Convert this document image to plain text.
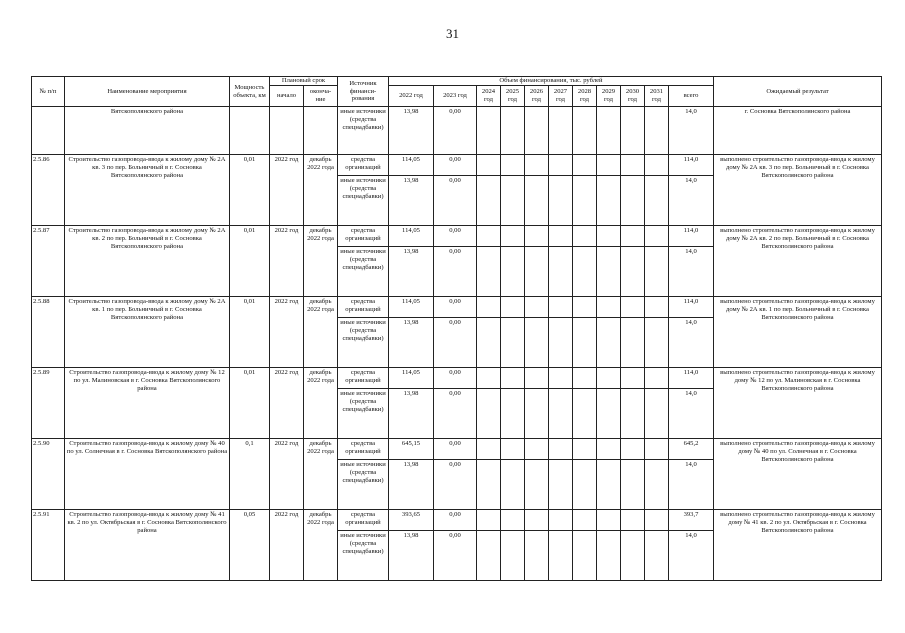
31
№ п/п	Наименование мероприятия	Мощность объекта, км	Плановый срок		Источник финанси-рования	Объем финансирования, тыс. рублей											Ожидаемый результат
			начало	оконча-ние		2022 год	2023 год	2024 год	2025 год	2026 год	2027 год	2028 год	2029 год	2030 год	2031 год	всего	
	Вятскополянского района				иные источники (средства спецнадбавки)	13,98	0,00									14,0	г. Сосновка Вятскополянского района
2.5.86	Строительство газопровода-ввода к жилому дому № 2А кв. 3 по пер. Больничный в г. Сосновка Вятскополянского района	0,01	2022 год	декабрь 2022 года	средства организаций	114,05	0,00									114,0	выполнено строительство газопровода-ввода к жилому дому № 2А кв. 3 по пер. Больничный в г. Сосновка Вятскополянского района
					иные источники (средства спецнадбавки)	13,98	0,00									14,0	
2.5.87	Строительство газопровода-ввода к жилому дому № 2А кв. 2 по пер. Больничный в г. Сосновка Вятскополянского района	0,01	2022 год	декабрь 2022 года	средства организаций	114,05	0,00									114,0	выполнено строительство газопровода-ввода к жилому дому № 2А кв. 2 по пер. Больничный в г. Сосновка Вятскополянского района
					иные источники (средства спецнадбавки)	13,98	0,00									14,0	
2.5.88	Строительство газопровода-ввода к жилому дому № 2А кв. 1 по пер. Больничный в г. Сосновка Вятскополянского района	0,01	2022 год	декабрь 2022 года	средства организаций	114,05	0,00									114,0	выполнено строительство газопровода-ввода к жилому дому № 2А кв. 1 по пер. Больничный в г. Сосновка Вятскополянского района
					иные источники (средства спецнадбавки)	13,98	0,00									14,0	
2.5.89	Строительство газопровода-ввода к жилому дому № 12 по ул. Малиновская в г. Сосновка Вятскополянского района	0,01	2022 год	декабрь 2022 года	средства организаций	114,05	0,00									114,0	выполнено строительство газопровода-ввода к жилому дому № 12 по ул. Малиновская в г. Сосновка Вятскополянского района
					иные источники (средства спецнадбавки)	13,98	0,00									14,0	
2.5.90	Строительство газопровода-ввода к жилому дому № 40 по ул. Солнечная в г. Сосновка Вятскополянского района	0,1	2022 год	декабрь 2022 года	средства организаций	645,15	0,00									645,2	выполнено строительство газопровода-ввода к жилому дому № 40 по ул. Солнечная в г. Сосновка Вятскополянского района
					иные источники (средства спецнадбавки)	13,98	0,00									14,0	
2.5.91	Строительство газопровода-ввода к жилому дому № 41 кв. 2 по ул. Октябрьская в г. Сосновка Вятскополянского района	0,05	2022 год	декабрь 2022 года	средства организаций	393,65	0,00									393,7	выполнено строительство газопровода-ввода к жилому дому № 41 кв. 2 по ул. Октябрьская в г. Сосновка Вятскополянского района
					иные источники (средства спецнадбавки)	13,98	0,00									14,0	
